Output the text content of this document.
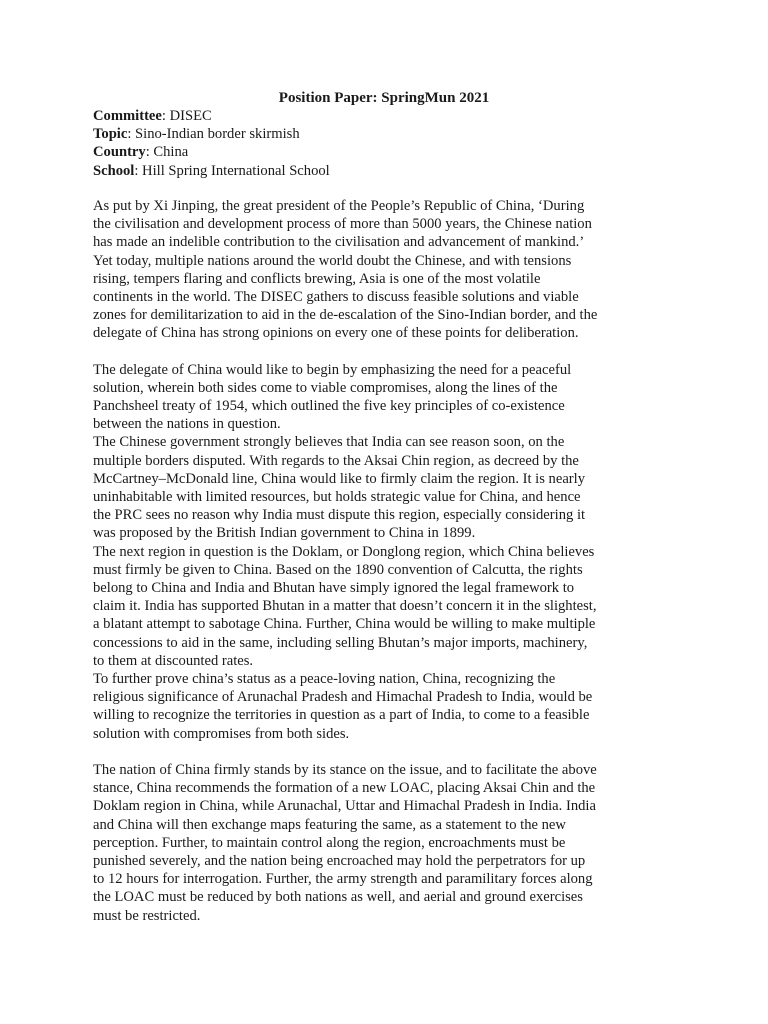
Position Paper: SpringMun 2021
Committee: DISEC
Topic: Sino-Indian border skirmish
Country: China
School: Hill Spring International School

As put by Xi Jinping, the great president of the People’s Republic of China, ‘During
the civilisation and development process of more than 5000 years, the Chinese nation
has made an indelible contribution to the civilisation and advancement of mankind.’
Yet today, multiple nations around the world doubt the Chinese, and with tensions
rising, tempers flaring and conflicts brewing, Asia is one of the most volatile
continents in the world. The DISEC gathers to discuss feasible solutions and viable
zones for demilitarization to aid in the de-escalation of the Sino-Indian border, and the
delegate of China has strong opinions on every one of these points for deliberation.

The delegate of China would like to begin by emphasizing the need for a peaceful
solution, wherein both sides come to viable compromises, along the lines of the
Panchsheel treaty of 1954, which outlined the five key principles of co-existence
between the nations in question.

The Chinese government strongly believes that India can see reason soon, on the
multiple borders disputed. With regards to the Aksai Chin region, as decreed by the
McCartney–McDonald line, China would like to firmly claim the region. It is nearly
uninhabitable with limited resources, but holds strategic value for China, and hence
the PRC sees no reason why India must dispute this region, especially considering it
was proposed by the British Indian government to China in 1899.

The next region in question is the Doklam, or Donglong region, which China believes
must firmly be given to China. Based on the 1890 convention of Calcutta, the rights
belong to China and India and Bhutan have simply ignored the legal framework to
claim it. India has supported Bhutan in a matter that doesn’t concern it in the slightest,
a blatant attempt to sabotage China. Further, China would be willing to make multiple
concessions to aid in the same, including selling Bhutan’s major imports, machinery,
to them at discounted rates.

To further prove china’s status as a peace-loving nation, China, recognizing the
religious significance of Arunachal Pradesh and Himachal Pradesh to India, would be
willing to recognize the territories in question as a part of India, to come to a feasible
solution with compromises from both sides.

The nation of China firmly stands by its stance on the issue, and to facilitate the above
stance, China recommends the formation of a new LOAC, placing Aksai Chin and the
Doklam region in China, while Arunachal, Uttar and Himachal Pradesh in India. India
and China will then exchange maps featuring the same, as a statement to the new
perception. Further, to maintain control along the region, encroachments must be
punished severely, and the nation being encroached may hold the perpetrators for up
to 12 hours for interrogation. Further, the army strength and paramilitary forces along
the LOAC must be reduced by both nations as well, and aerial and ground exercises
must be restricted.
